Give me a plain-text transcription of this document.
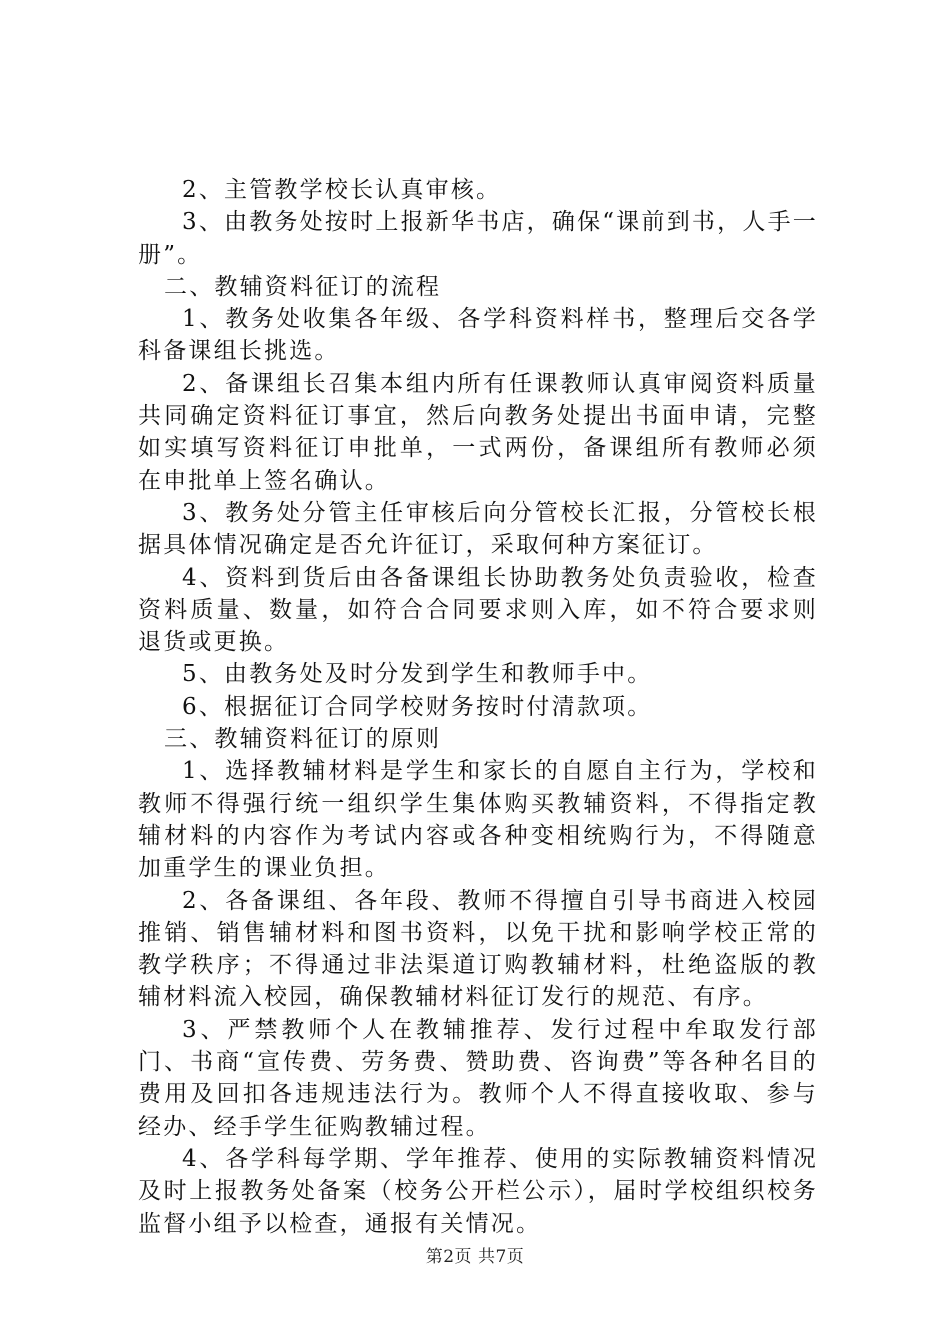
2、主管教学校长认真审核。

3、由教务处按时上报新华书店，确保“课前到书，人手一册”。

二、教辅资料征订的流程

1、教务处收集各年级、各学科资料样书，整理后交各学科备课组长挑选。

2、备课组长召集本组内所有任课教师认真审阅资料质量共同确定资料征订事宜，然后向教务处提出书面申请，完整如实填写资料征订申批单，一式两份，备课组所有教师必须在申批单上签名确认。

3、教务处分管主任审核后向分管校长汇报，分管校长根据具体情况确定是否允许征订，采取何种方案征订。

4、资料到货后由各备课组长协助教务处负责验收，检查资料质量、数量，如符合合同要求则入库，如不符合要求则退货或更换。

5、由教务处及时分发到学生和教师手中。

6、根据征订合同学校财务按时付清款项。

三、教辅资料征订的原则

1、选择教辅材料是学生和家长的自愿自主行为，学校和教师不得强行统一组织学生集体购买教辅资料，不得指定教辅材料的内容作为考试内容或各种变相统购行为，不得随意加重学生的课业负担。

2、各备课组、各年段、教师不得擅自引导书商进入校园推销、销售辅材料和图书资料，以免干扰和影响学校正常的教学秩序；不得通过非法渠道订购教辅材料，杜绝盗版的教辅材料流入校园，确保教辅材料征订发行的规范、有序。

3、严禁教师个人在教辅推荐、发行过程中牟取发行部门、书商“宣传费、劳务费、赞助费、咨询费”等各种名目的费用及回扣各违规违法行为。教师个人不得直接收取、参与经办、经手学生征购教辅过程。

4、各学科每学期、学年推荐、使用的实际教辅资料情况及时上报教务处备案（校务公开栏公示），届时学校组织校务监督小组予以检查，通报有关情况。

第2页 共7页
